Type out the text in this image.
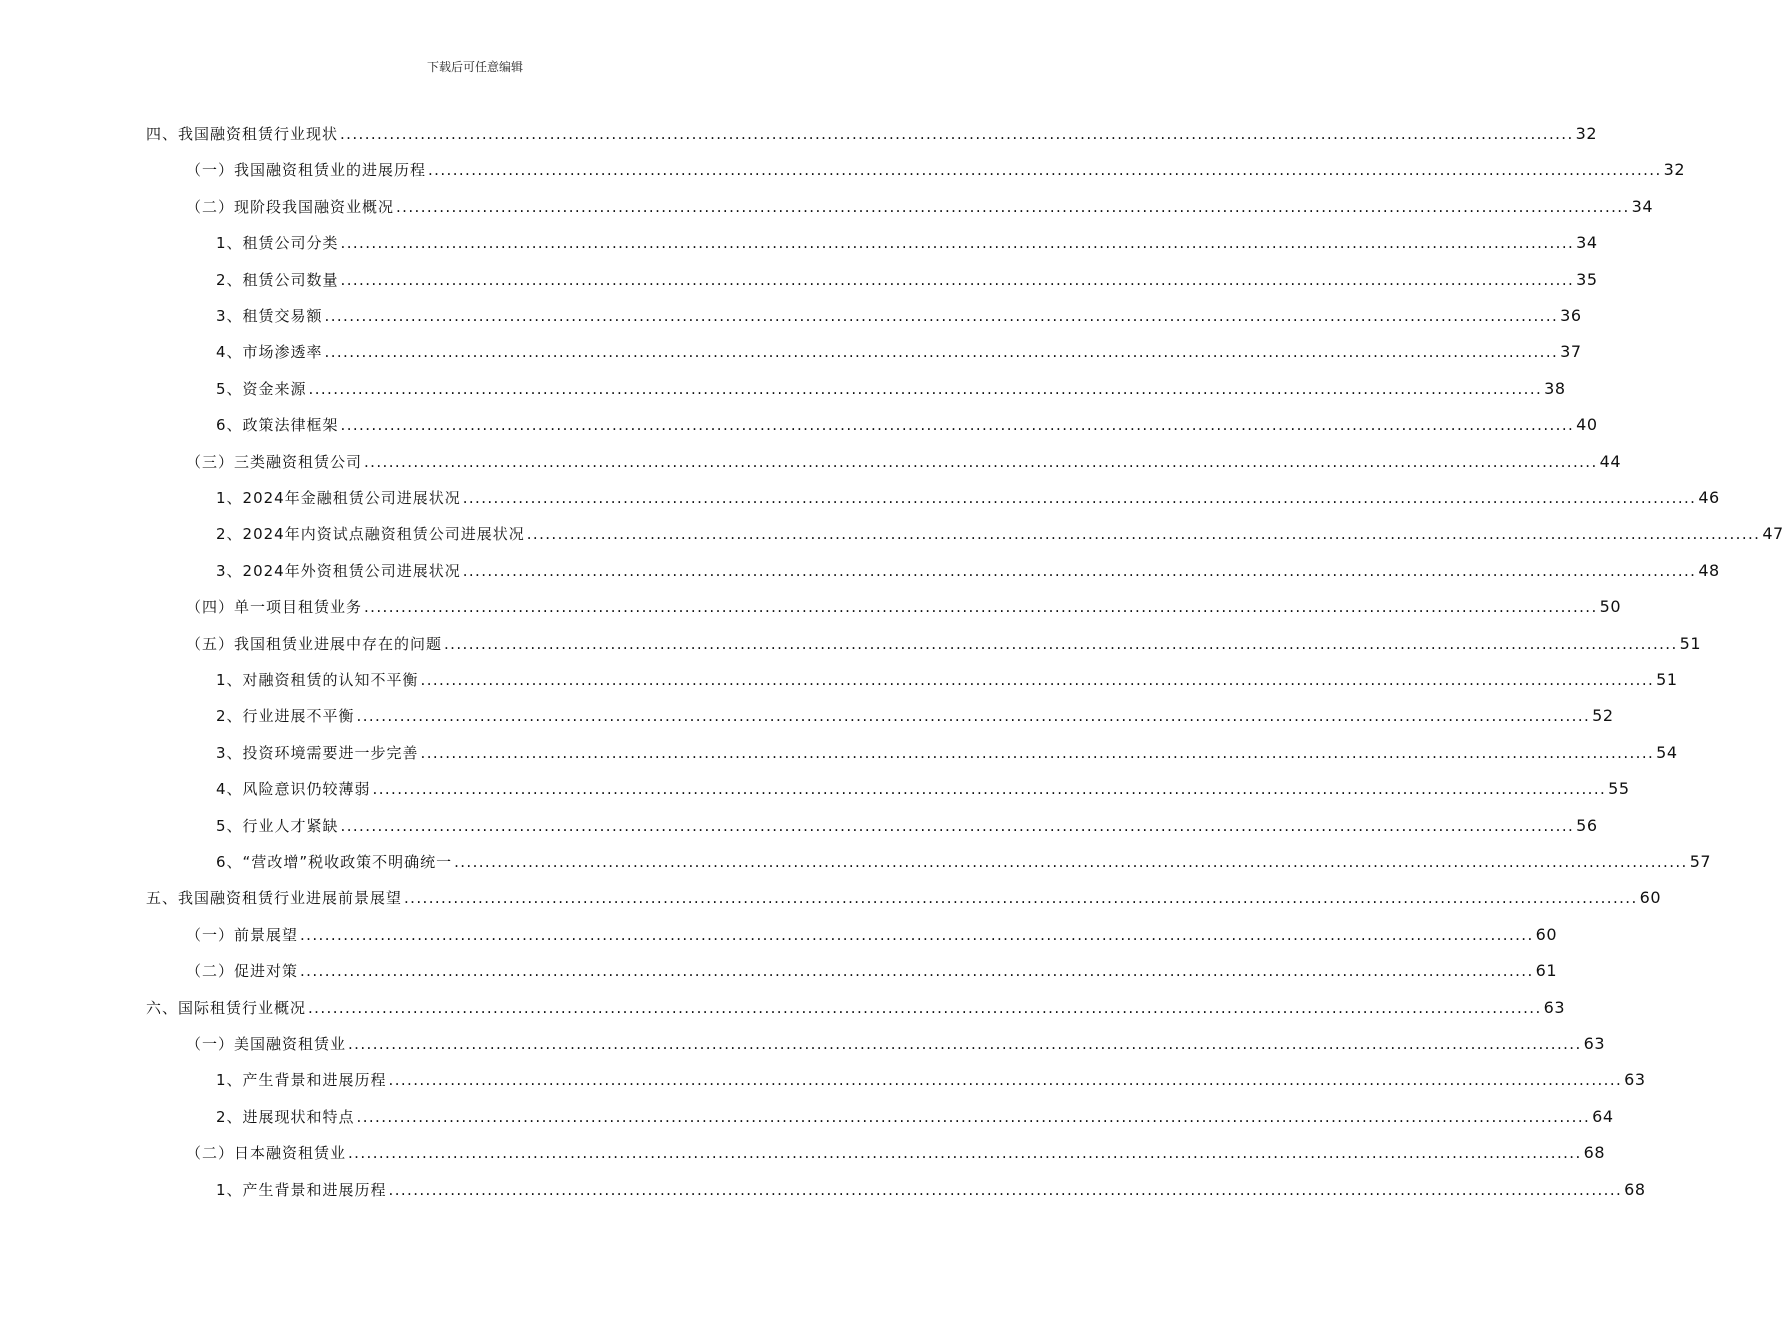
下载后可任意编辑
四、我国融资租赁行业现状 ........................................................................................................................................................................................................ 32
（一）我国融资租赁业的进展历程 ........................................................................................................................................................................................................ 32
（二）现阶段我国融资业概况 ........................................................................................................................................................................................................ 34
1、租赁公司分类 ........................................................................................................................................................................................................ 34
2、租赁公司数量 ........................................................................................................................................................................................................ 35
3、租赁交易额 ........................................................................................................................................................................................................ 36
4、市场渗透率 ........................................................................................................................................................................................................ 37
5、资金来源 ........................................................................................................................................................................................................ 38
6、政策法律框架 ........................................................................................................................................................................................................ 40
（三）三类融资租赁公司 ........................................................................................................................................................................................................ 44
1、2024年金融租赁公司进展状况 ........................................................................................................................................................................................................ 46
2、2024年内资试点融资租赁公司进展状况 ........................................................................................................................................................................................................ 47
3、2024年外资租赁公司进展状况 ........................................................................................................................................................................................................ 48
（四）单一项目租赁业务 ........................................................................................................................................................................................................ 50
（五）我国租赁业进展中存在的问题 ........................................................................................................................................................................................................ 51
1、对融资租赁的认知不平衡 ........................................................................................................................................................................................................ 51
2、行业进展不平衡 ........................................................................................................................................................................................................ 52
3、投资环境需要进一步完善 ........................................................................................................................................................................................................ 54
4、风险意识仍较薄弱 ........................................................................................................................................................................................................ 55
5、行业人才紧缺 ........................................................................................................................................................................................................ 56
6、“营改增”税收政策不明确统一 ........................................................................................................................................................................................................ 57
五、我国融资租赁行业进展前景展望 ........................................................................................................................................................................................................ 60
（一）前景展望 ........................................................................................................................................................................................................ 60
（二）促进对策 ........................................................................................................................................................................................................ 61
六、国际租赁行业概况 ........................................................................................................................................................................................................ 63
（一）美国融资租赁业 ........................................................................................................................................................................................................ 63
1、产生背景和进展历程 ........................................................................................................................................................................................................ 63
2、进展现状和特点 ........................................................................................................................................................................................................ 64
（二）日本融资租赁业 ........................................................................................................................................................................................................ 68
1、产生背景和进展历程 ........................................................................................................................................................................................................ 68
